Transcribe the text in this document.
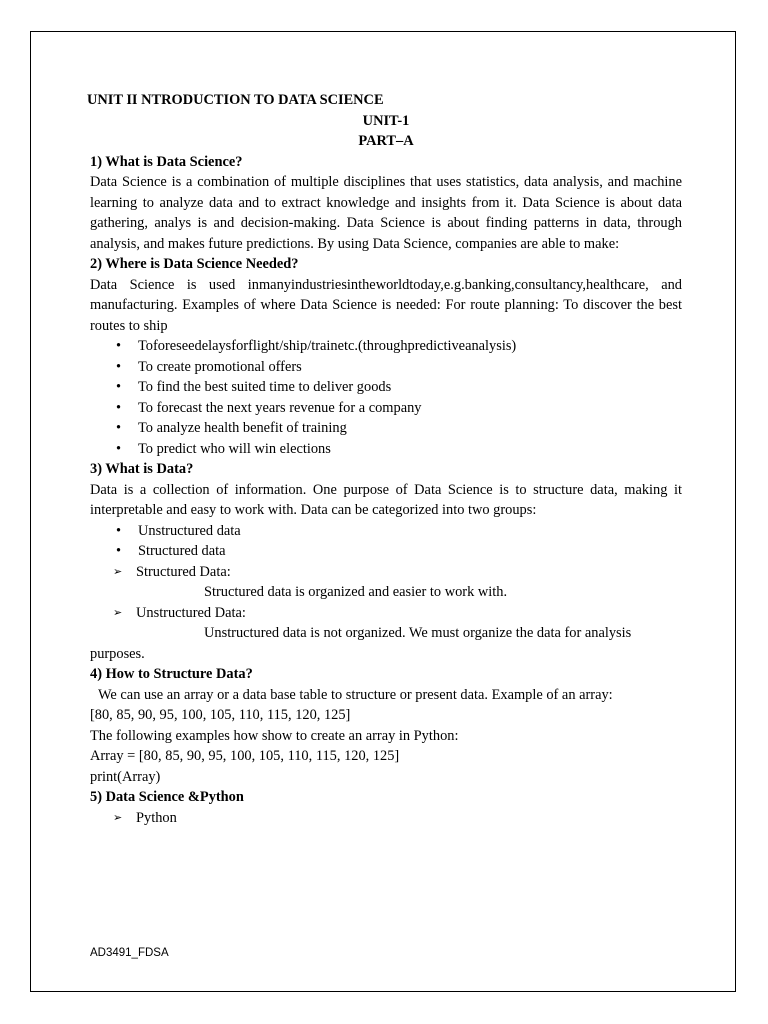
UNIT II NTRODUCTION TO DATA SCIENCE

UNIT-1

PART–A

1) What is Data Science?

Data Science is a combination of multiple disciplines that uses statistics, data analysis, and machine learning to analyze data and to extract knowledge and insights from it. Data Science is about data gathering, analys is and decision-making. Data Science is about finding patterns in data, through analysis, and makes future predictions. By using Data Science, companies are able to make:

2) Where is Data Science Needed?

Data Science is used inmanyindustriesintheworldtoday,e.g.banking,consultancy,healthcare, and manufacturing. Examples of where Data Science is needed: For route planning: To discover the best routes to ship

• Toforeseedelaysforflight/ship/trainetc.(throughpredictiveanalysis)
• To create promotional offers
• To find the best suited time to deliver goods
• To forecast the next years revenue for a company
• To analyze health benefit of training
• To predict who will win elections

3) What is Data?

Data is a collection of information. One purpose of Data Science is to structure data, making it interpretable and easy to work with. Data can be categorized into two groups:

• Unstructured data
• Structured data
➢ Structured Data:

Structured data is organized and easier to work with.

➢ Unstructured Data:

Unstructured data is not organized. We must organize the data for analysis

purposes.

4) How to Structure Data?

We can use an array or a data base table to structure or present data. Example of an array:

[80, 85, 90, 95, 100, 105, 110, 115, 120, 125]

The following examples how show to create an array in Python:

Array = [80, 85, 90, 95, 100, 105, 110, 115, 120, 125]

print(Array)

5) Data Science &Python

➢ Python
AD3491_FDSA
